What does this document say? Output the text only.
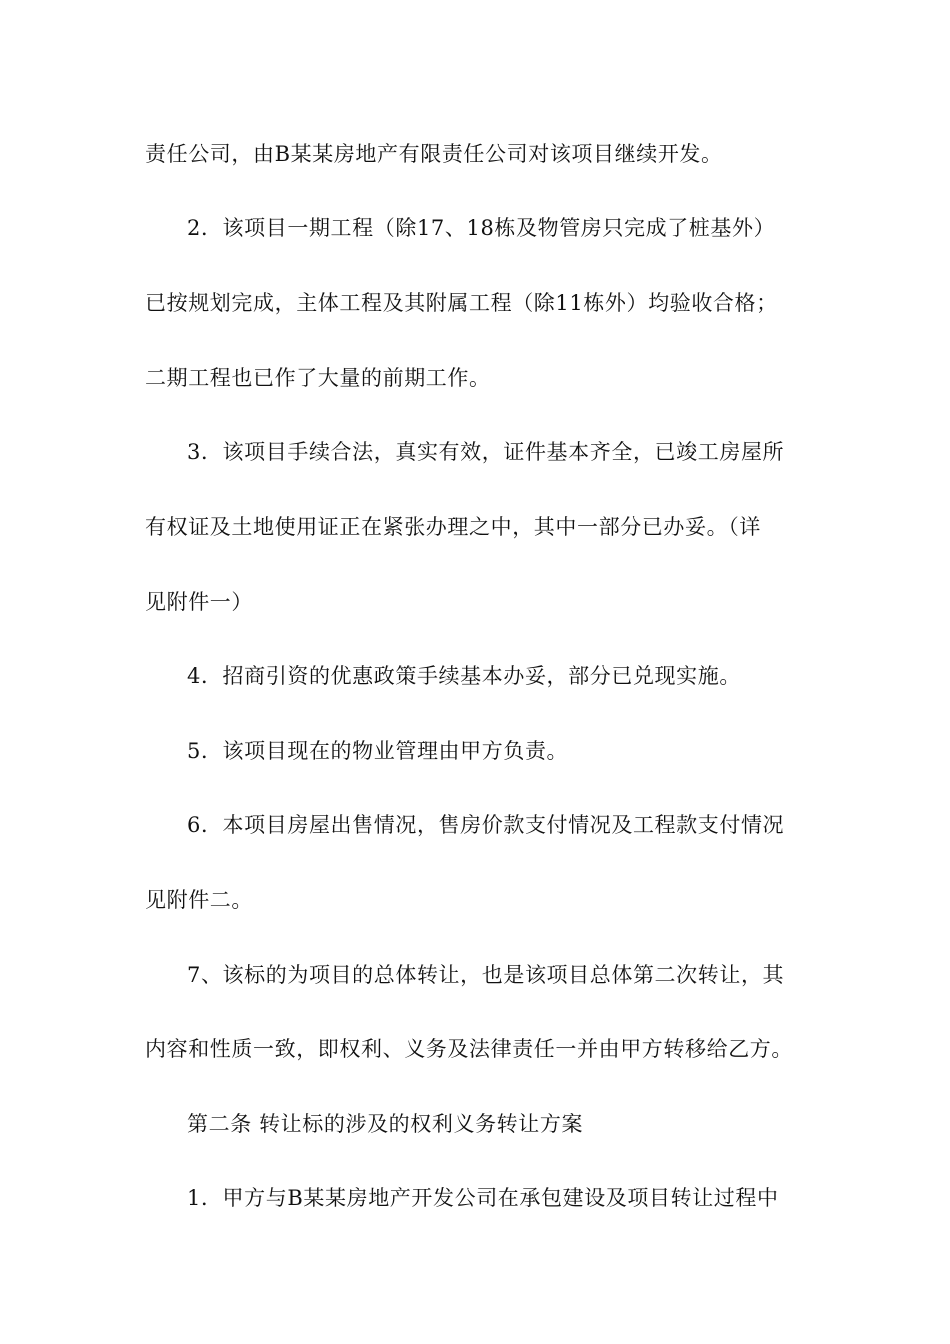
责任公司，由B某某房地产有限责任公司对该项目继续开发。
2．该项目一期工程（除17、18栋及物管房只完成了桩基外）
已按规划完成，主体工程及其附属工程（除11栋外）均验收合格；
二期工程也已作了大量的前期工作。
3．该项目手续合法，真实有效，证件基本齐全，已竣工房屋所
有权证及土地使用证正在紧张办理之中，其中一部分已办妥。（详
见附件一）
4．招商引资的优惠政策手续基本办妥，部分已兑现实施。
5．该项目现在的物业管理由甲方负责。
6．本项目房屋出售情况，售房价款支付情况及工程款支付情况
见附件二。
7、该标的为项目的总体转让，也是该项目总体第二次转让，其
内容和性质一致，即权利、义务及法律责任一并由甲方转移给乙方。
第二条 转让标的涉及的权利义务转让方案
1．甲方与B某某房地产开发公司在承包建设及项目转让过程中
